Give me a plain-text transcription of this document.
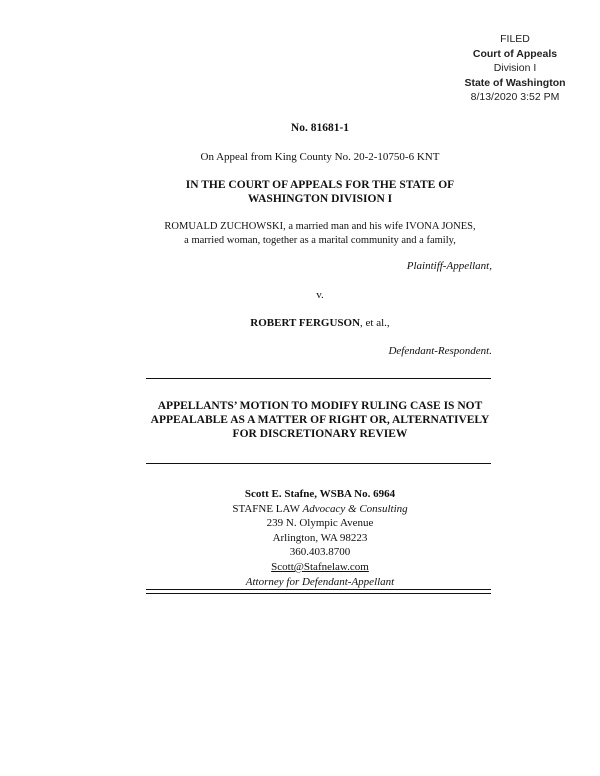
FILED
Court of Appeals
Division I
State of Washington
8/13/2020 3:52 PM
No. 81681-1
On Appeal from King County No. 20-2-10750-6 KNT
IN THE COURT OF APPEALS FOR THE STATE OF
WASHINGTON DIVISION I
ROMUALD ZUCHOWSKI, a married man and his wife IVONA JONES,
a married woman, together as a marital community and a family,
Plaintiff-Appellant,
v.
ROBERT FERGUSON, et al.,
Defendant-Respondent.
APPELLANTS’ MOTION TO MODIFY RULING CASE IS NOT
APPEALABLE AS A MATTER OF RIGHT OR, ALTERNATIVELY
FOR DISCRETIONARY REVIEW
Scott E. Stafne, WSBA No. 6964
STAFNE LAW Advocacy & Consulting
239 N. Olympic Avenue
Arlington, WA 98223
360.403.8700
Scott@Stafnelaw.com
Attorney for Defendant-Appellant
